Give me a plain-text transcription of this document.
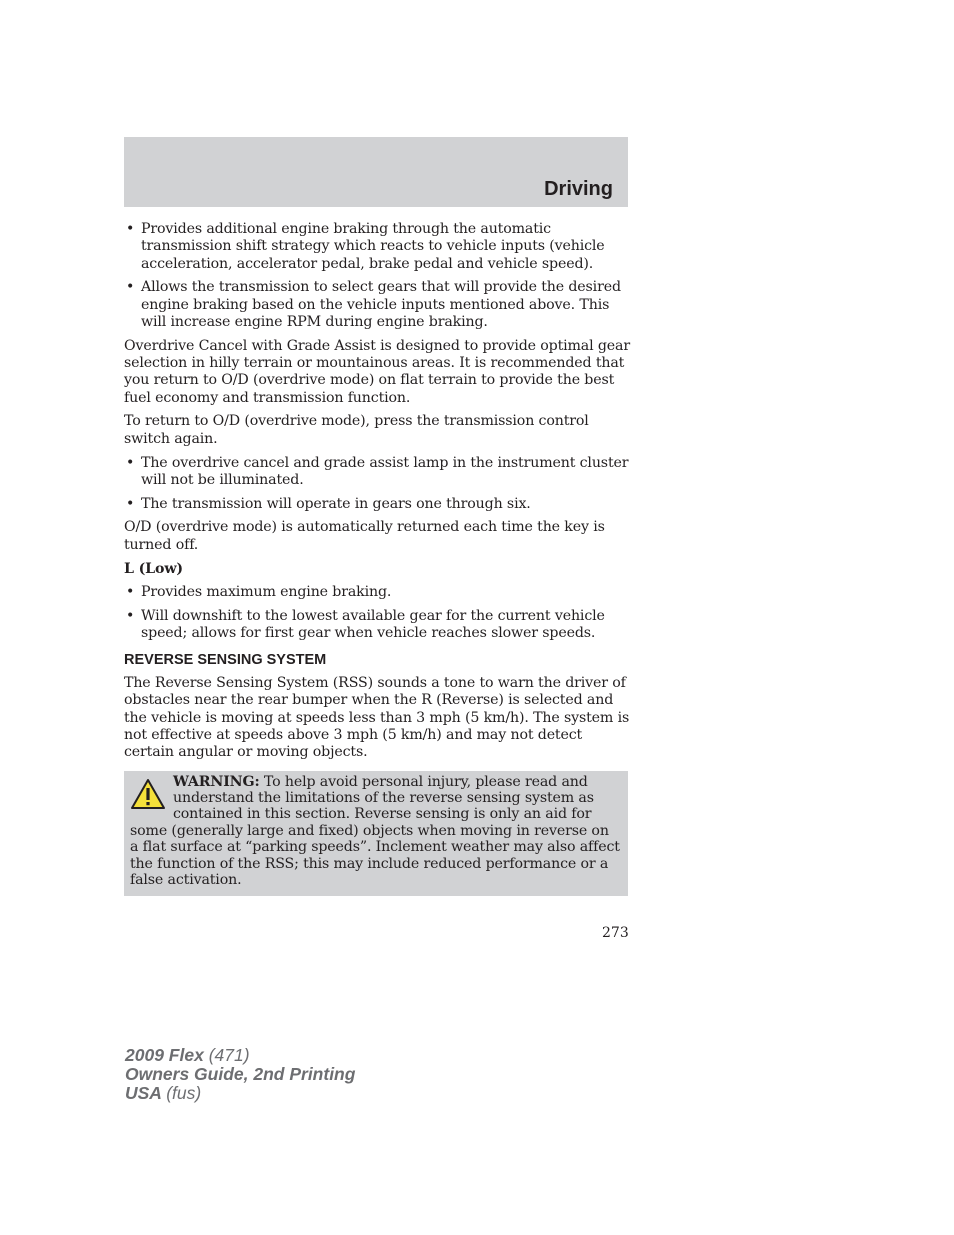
Driving
• Provides additional engine braking through the automatic transmission shift strategy which reacts to vehicle inputs (vehicle acceleration, accelerator pedal, brake pedal and vehicle speed).
• Allows the transmission to select gears that will provide the desired engine braking based on the vehicle inputs mentioned above. This will increase engine RPM during engine braking.

Overdrive Cancel with Grade Assist is designed to provide optimal gear selection in hilly terrain or mountainous areas. It is recommended that you return to O/D (overdrive mode) on flat terrain to provide the best fuel economy and transmission function.

To return to O/D (overdrive mode), press the transmission control switch again.

• The overdrive cancel and grade assist lamp in the instrument cluster will not be illuminated.
• The transmission will operate in gears one through six.

O/D (overdrive mode) is automatically returned each time the key is turned off.

L (Low)

• Provides maximum engine braking.
• Will downshift to the lowest available gear for the current vehicle speed; allows for first gear when vehicle reaches slower speeds.
REVERSE SENSING SYSTEM

The Reverse Sensing System (RSS) sounds a tone to warn the driver of obstacles near the rear bumper when the R (Reverse) is selected and the vehicle is moving at speeds less than 3 mph (5 km/h). The system is not effective at speeds above 3 mph (5 km/h) and may not detect certain angular or moving objects.

WARNING: To help avoid personal injury, please read and understand the limitations of the reverse sensing system as contained in this section. Reverse sensing is only an aid for some (generally large and fixed) objects when moving in reverse on a flat surface at “parking speeds”. Inclement weather may also affect the function of the RSS; this may include reduced performance or a false activation.
273
2009 Flex (471)
Owners Guide, 2nd Printing
USA (fus)
